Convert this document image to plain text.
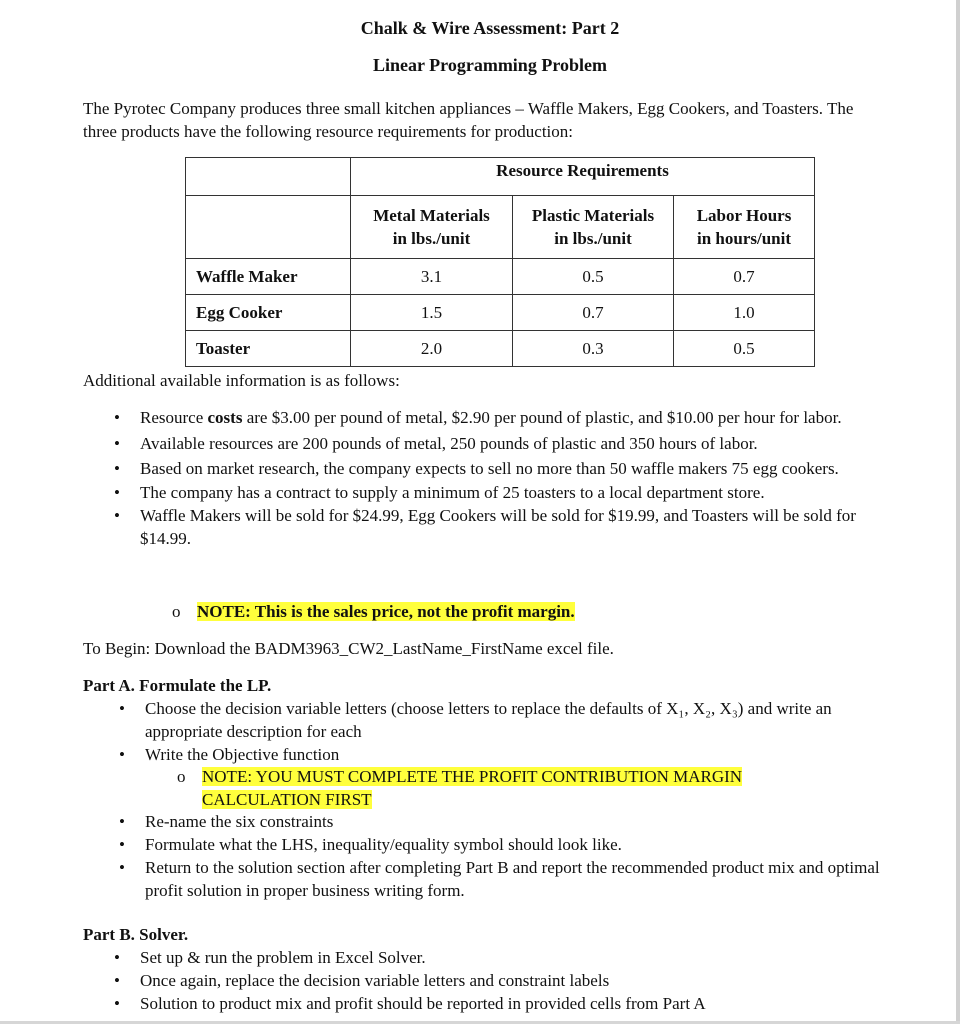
Chalk & Wire Assessment: Part 2
Linear Programming Problem
The Pyrotec Company produces three small kitchen appliances – Waffle Makers, Egg Cookers, and Toasters. The three products have the following resource requirements for production:

	Resource Requirements		

	Metal Materials
in lbs./unit	Plastic Materials
in lbs./unit	Labor Hours
in hours/unit

Waffle Maker	3.1	0.5	0.7
Egg Cooker	1.5	0.7	1.0
Toaster	2.0	0.3	0.5
Additional available information is as follows:
• Resource costs are $3.00 per pound of metal, $2.90 per pound of plastic, and $10.00 per hour for labor.
• Available resources are 200 pounds of metal, 250 pounds of plastic and 350 hours of labor.
• Based on market research, the company expects to sell no more than 50 waffle makers 75 egg cookers.
• The company has a contract to supply a minimum of 25 toasters to a local department store.
• Waffle Makers will be sold for $24.99, Egg Cookers will be sold for $19.99, and Toasters will be sold for $14.99.
o NOTE: This is the sales price, not the profit margin.
To Begin: Download the BADM3963_CW2_LastName_FirstName excel file.
Part A. Formulate the LP.
• Choose the decision variable letters (choose letters to replace the defaults of X₁, X₂, X₃) and write an appropriate description for each
• Write the Objective function
o NOTE: YOU MUST COMPLETE THE PROFIT CONTRIBUTION MARGIN CALCULATION FIRST
• Re-name the six constraints
• Formulate what the LHS, inequality/equality symbol should look like.
• Return to the solution section after completing Part B and report the recommended product mix and optimal profit solution in proper business writing form.
Part B. Solver.
• Set up & run the problem in Excel Solver.
• Once again, replace the decision variable letters and constraint labels
• Solution to product mix and profit should be reported in provided cells from Part A
